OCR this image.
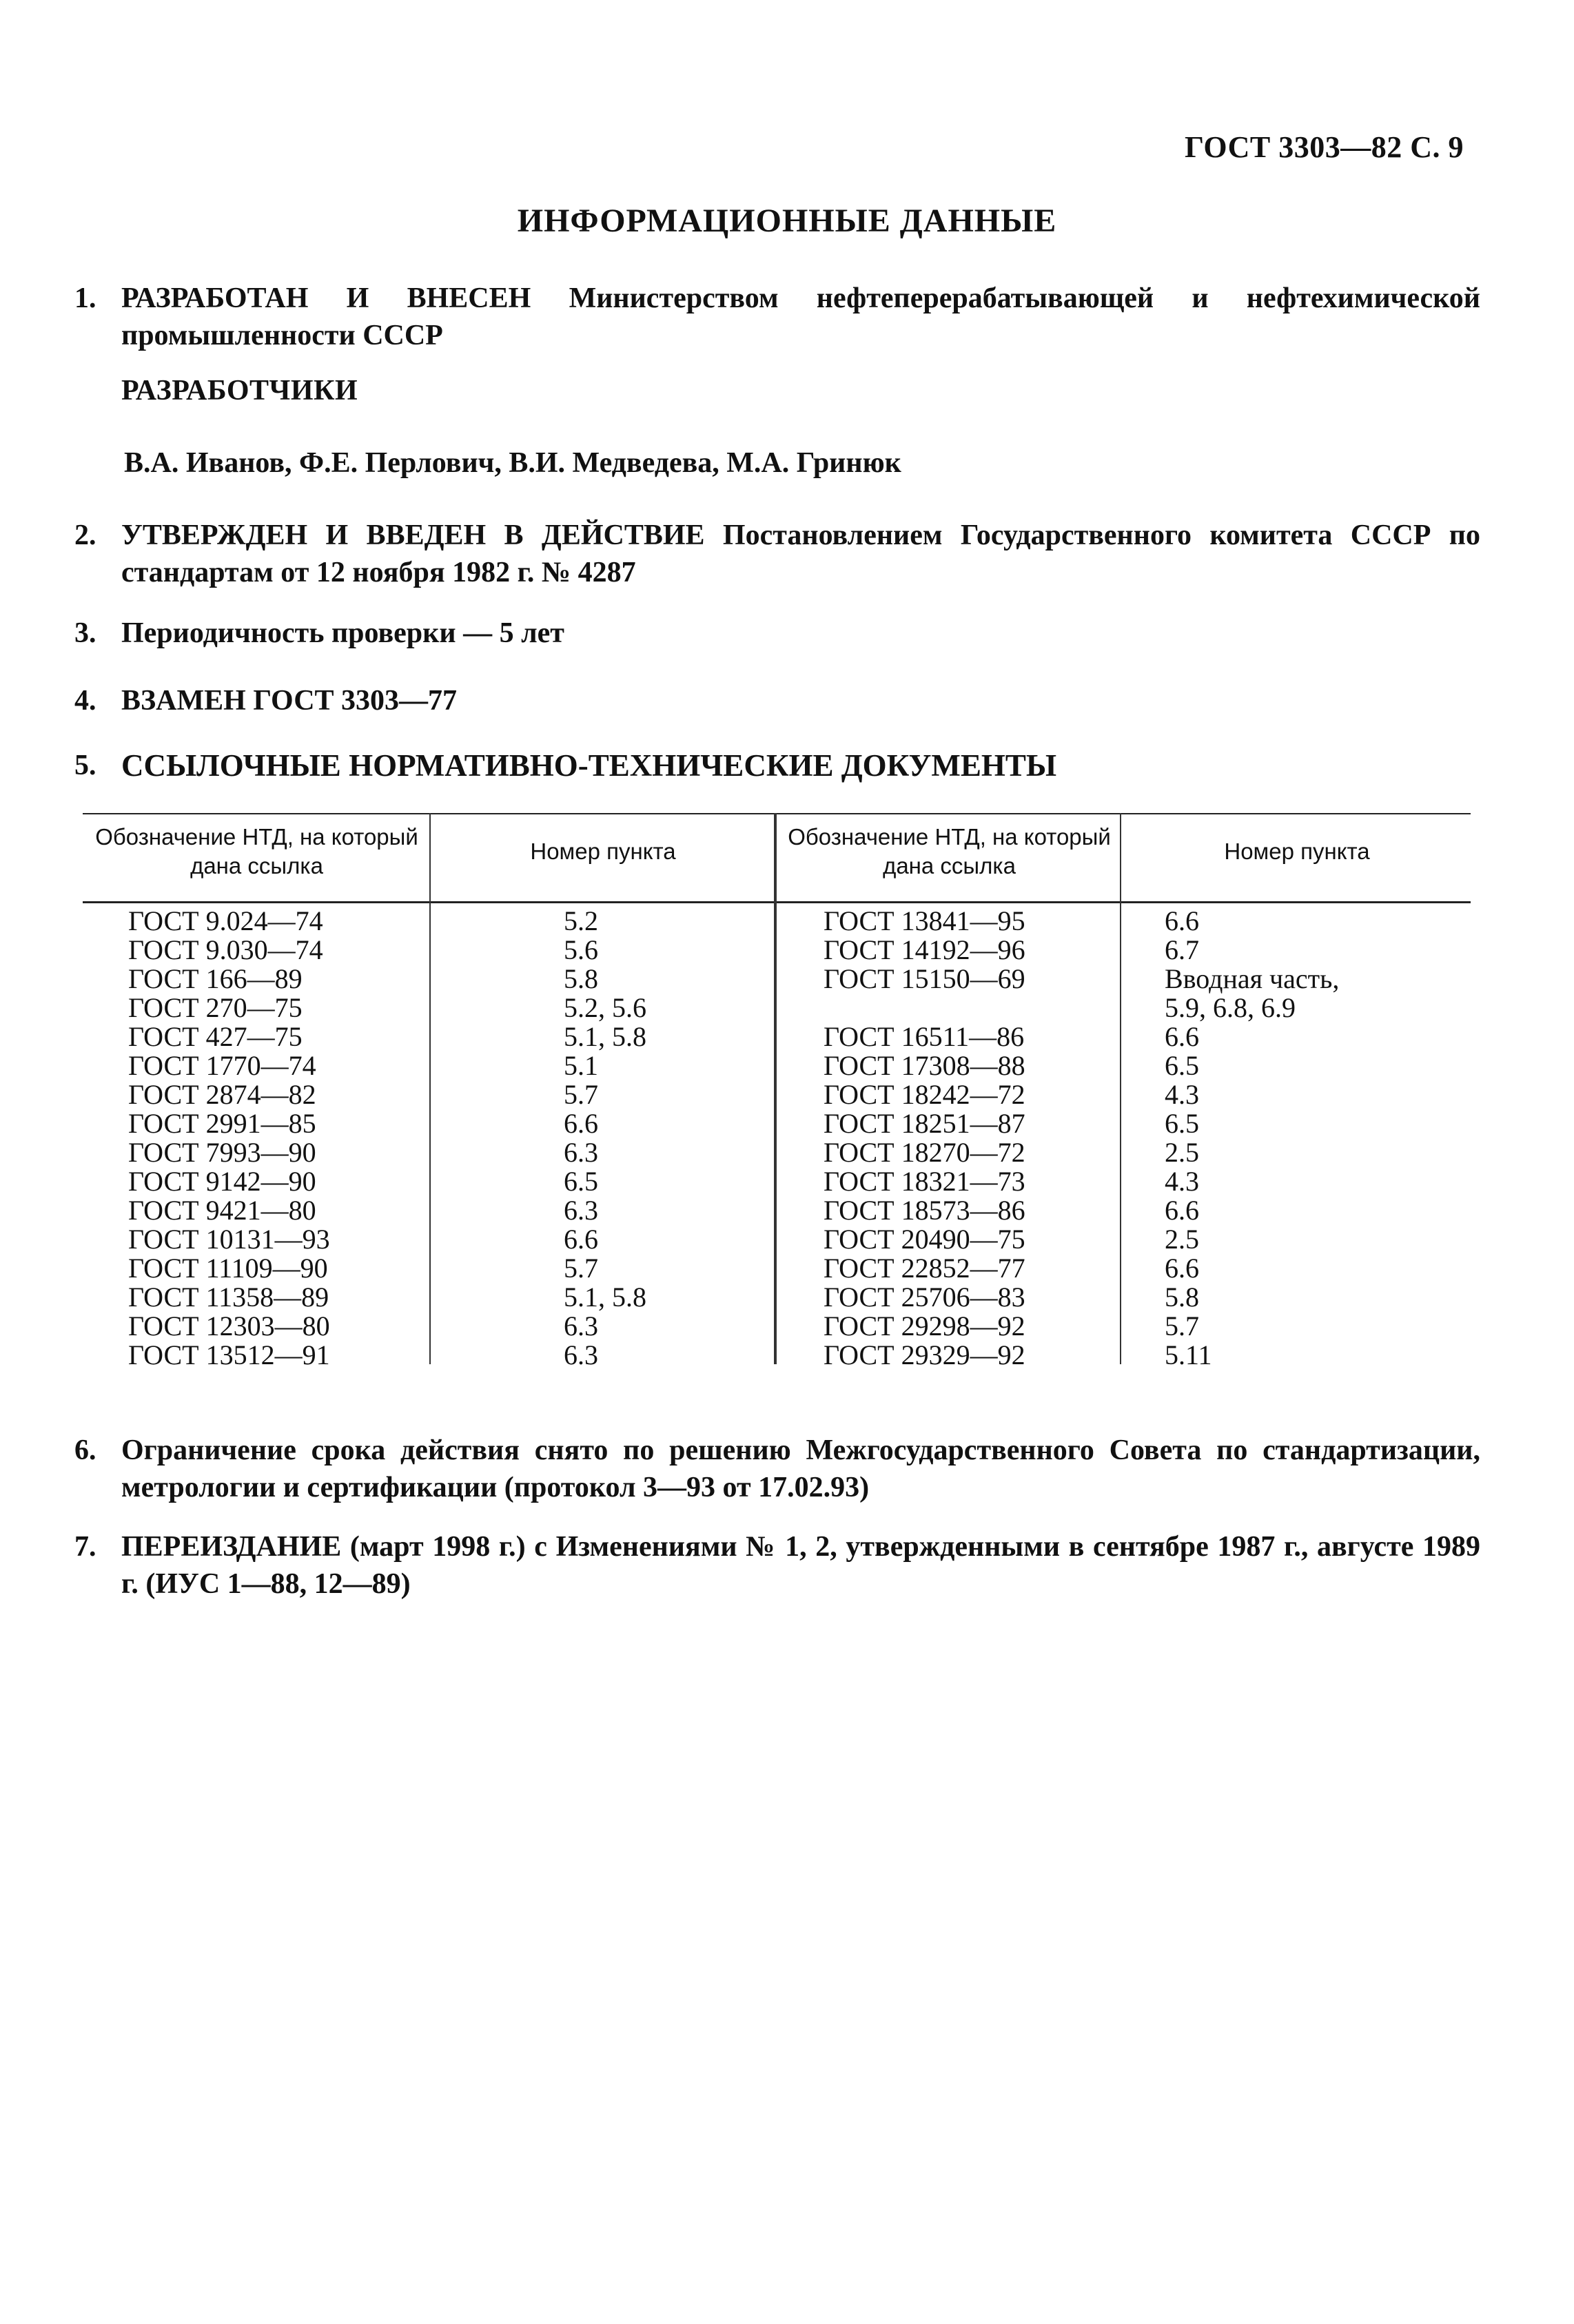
ГОСТ 3303—82 С. 9
ИНФОРМАЦИОННЫЕ ДАННЫЕ
1. РАЗРАБОТАН И ВНЕСЕН Министерством нефтеперерабатывающей и нефтехимической промышленности СССР
РАЗРАБОТЧИКИ
В.А. Иванов, Ф.Е. Перлович, В.И. Медведева, М.А. Гринюк
2. УТВЕРЖДЕН И ВВЕДЕН В ДЕЙСТВИЕ Постановлением Государственного комитета СССР по стандартам от 12 ноября 1982 г. № 4287
3. Периодичность проверки — 5 лет
4. ВЗАМЕН ГОСТ 3303—77
5. ССЫЛОЧНЫЕ НОРМАТИВНО-ТЕХНИЧЕСКИЕ ДОКУМЕНТЫ
Обозначение НТД, на который дана ссылка
Номер пункта
Обозначение НТД, на который дана ссылка
Номер пункта
ГОСТ 9.024—74
ГОСТ 9.030—74
ГОСТ 166—89
ГОСТ 270—75
ГОСТ 427—75
ГОСТ 1770—74
ГОСТ 2874—82
ГОСТ 2991—85
ГОСТ 7993—90
ГОСТ 9142—90
ГОСТ 9421—80
ГОСТ 10131—93
ГОСТ 11109—90
ГОСТ 11358—89
ГОСТ 12303—80
ГОСТ 13512—91
5.2
5.6
5.8
5.2, 5.6
5.1, 5.8
5.1
5.7
6.6
6.3
6.5
6.3
6.6
5.7
5.1, 5.8
6.3
6.3
ГОСТ 13841—95
ГОСТ 14192—96
ГОСТ 15150—69
ГОСТ 16511—86
ГОСТ 17308—88
ГОСТ 18242—72
ГОСТ 18251—87
ГОСТ 18270—72
ГОСТ 18321—73
ГОСТ 18573—86
ГОСТ 20490—75
ГОСТ 22852—77
ГОСТ 25706—83
ГОСТ 29298—92
ГОСТ 29329—92
6.6
6.7
Вводная часть,
5.9, 6.8, 6.9
6.6
6.5
4.3
6.5
2.5
4.3
6.6
2.5
6.6
5.8
5.7
5.11
6. Ограничение срока действия снято по решению Межгосударственного Совета по стандартизации, метрологии и сертификации (протокол 3—93 от 17.02.93)
7. ПЕРЕИЗДАНИЕ (март 1998 г.) с Изменениями № 1, 2, утвержденными в сентябре 1987 г., августе 1989 г. (ИУС 1—88, 12—89)
